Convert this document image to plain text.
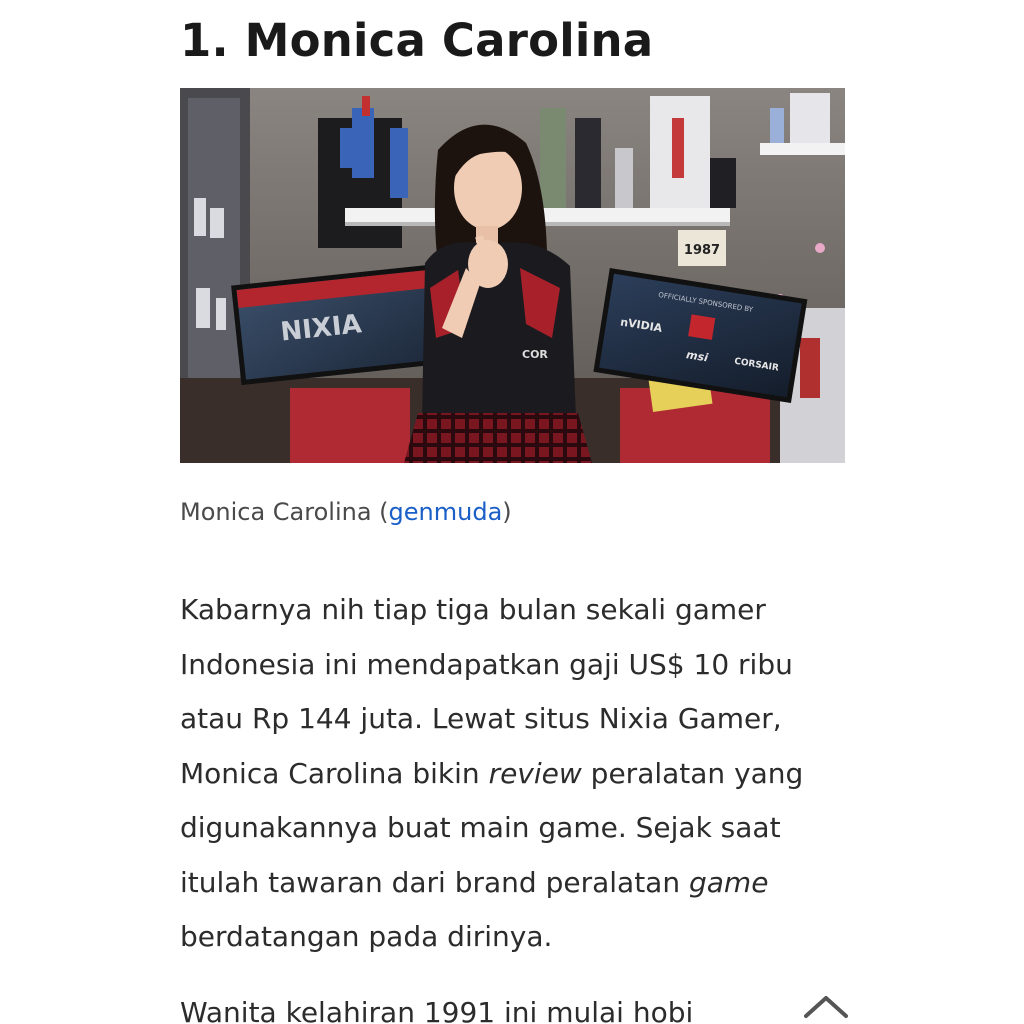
1. Monica Carolina
1987
NIXIA
OFFICIALLY SPONSORED BY
nVIDIA
msi
CORSAIR
COR
Monica Carolina (genmuda)

Kabarnya nih tiap tiga bulan sekali gamer Indonesia ini mendapatkan gaji US$ 10 ribu atau Rp 144 juta. Lewat situs Nixia Gamer, Monica Carolina bikin review peralatan yang digunakannya buat main game. Sejak saat itulah tawaran dari brand peralatan game berdatangan pada dirinya.

Wanita kelahiran 1991 ini mulai hobi
